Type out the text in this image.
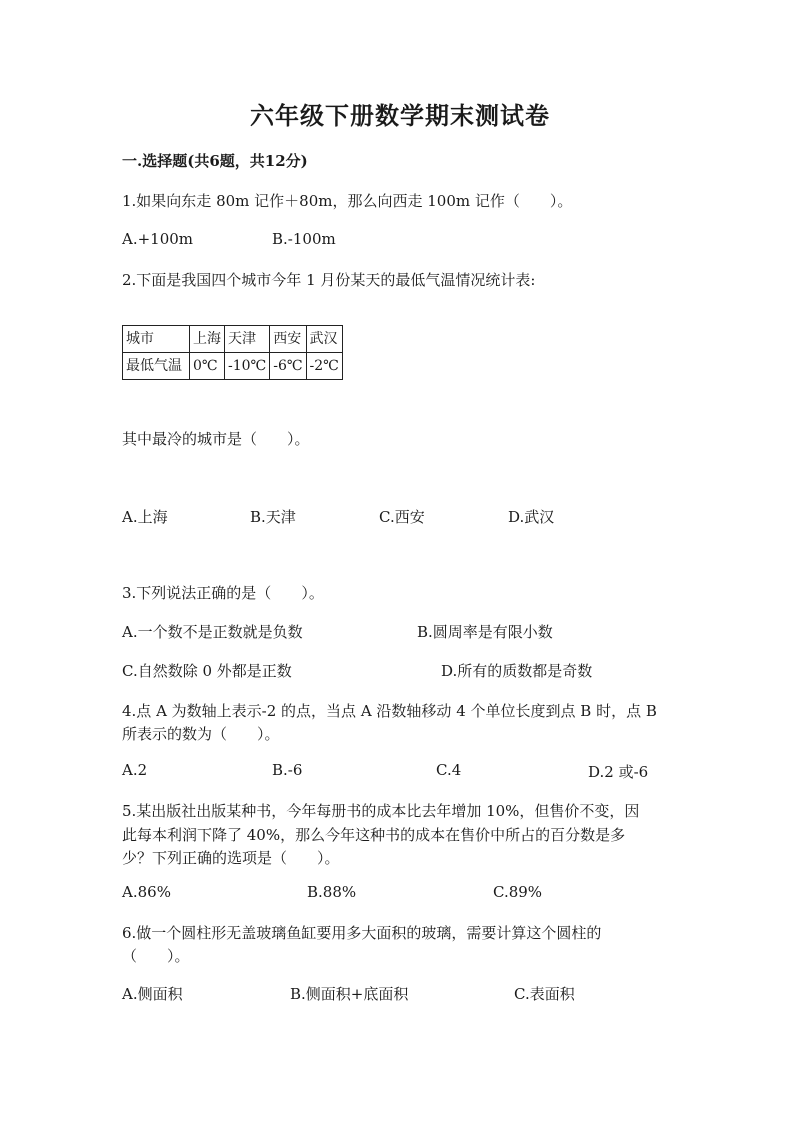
六年级下册数学期末测试卷
一.选择题(共6题，共12分)
1.如果向东走 80m 记作＋80m，那么向西走 100m 记作（　　）。
A.+100m	B.-100m
2.下面是我国四个城市今年 1 月份某天的最低气温情况统计表:
城市	上海	天津	西安	武汉
最低气温	0℃	-10℃	-6℃	-2℃
其中最冷的城市是（　　）。
A.上海	B.天津	C.西安	D.武汉
3.下列说法正确的是（　　）。
A.一个数不是正数就是负数	B.圆周率是有限小数
C.自然数除 0 外都是正数	D.所有的质数都是奇数
4.点 A 为数轴上表示-2 的点，当点 A 沿数轴移动 4 个单位长度到点 B 时，点 B
所表示的数为（　　）。
A.2	B.-6	C.4	D.2 或-6
5.某出版社出版某种书，今年每册书的成本比去年增加 10%，但售价不变，因
此每本利润下降了 40%，那么今年这种书的成本在售价中所占的百分数是多
少？下列正确的选项是（　　）。
A.86%	B.88%	C.89%
6.做一个圆柱形无盖玻璃鱼缸要用多大面积的玻璃，需要计算这个圆柱的
（　　）。
A.侧面积	B.侧面积+底面积	C.表面积
